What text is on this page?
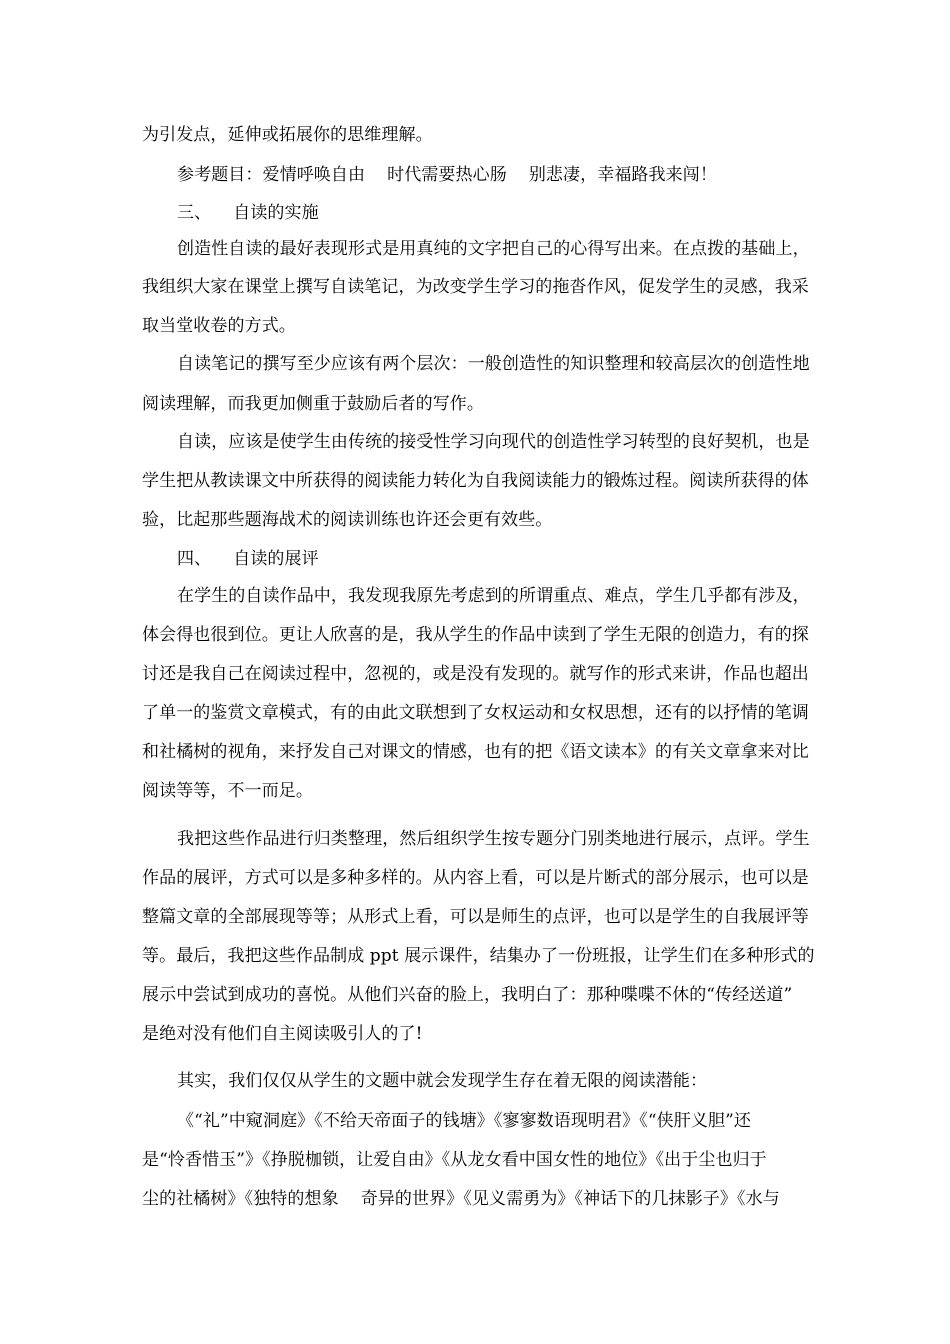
为引发点，延伸或拓展你的思维理解。
参考题目：爱情呼唤自由    时代需要热心肠    别悲凄，幸福路我来闯！
三、    自读的实施
创造性自读的最好表现形式是用真纯的文字把自己的心得写出来。在点拨的基础上，
我组织大家在课堂上撰写自读笔记，为改变学生学习的拖沓作风，促发学生的灵感，我采
取当堂收卷的方式。
自读笔记的撰写至少应该有两个层次：一般创造性的知识整理和较高层次的创造性地
阅读理解，而我更加侧重于鼓励后者的写作。
自读，应该是使学生由传统的接受性学习向现代的创造性学习转型的良好契机，也是
学生把从教读课文中所获得的阅读能力转化为自我阅读能力的锻炼过程。阅读所获得的体
验，比起那些题海战术的阅读训练也许还会更有效些。
四、    自读的展评
在学生的自读作品中，我发现我原先考虑到的所谓重点、难点，学生几乎都有涉及，
体会得也很到位。更让人欣喜的是，我从学生的作品中读到了学生无限的创造力，有的探
讨还是我自己在阅读过程中，忽视的，或是没有发现的。就写作的形式来讲，作品也超出
了单一的鉴赏文章模式，有的由此文联想到了女权运动和女权思想，还有的以抒情的笔调
和社橘树的视角，来抒发自己对课文的情感，也有的把《语文读本》的有关文章拿来对比
阅读等等，不一而足。
我把这些作品进行归类整理，然后组织学生按专题分门别类地进行展示，点评。学生
作品的展评，方式可以是多种多样的。从内容上看，可以是片断式的部分展示，也可以是
整篇文章的全部展现等等；从形式上看，可以是师生的点评，也可以是学生的自我展评等
等。最后，我把这些作品制成 ppt 展示课件，结集办了一份班报，让学生们在多种形式的
展示中尝试到成功的喜悦。从他们兴奋的脸上，我明白了：那种喋喋不休的“传经送道”
是绝对没有他们自主阅读吸引人的了!
其实，我们仅仅从学生的文题中就会发现学生存在着无限的阅读潜能：
《“礼”中窥洞庭》《不给天帝面子的钱塘》《寥寥数语现明君》《“侠肝义胆”还
是“怜香惜玉”》《挣脱枷锁，让爱自由》《从龙女看中国女性的地位》《出于尘也归于
尘的社橘树》《独特的想象    奇异的世界》《见义需勇为》《神话下的几抹影子》《水与
